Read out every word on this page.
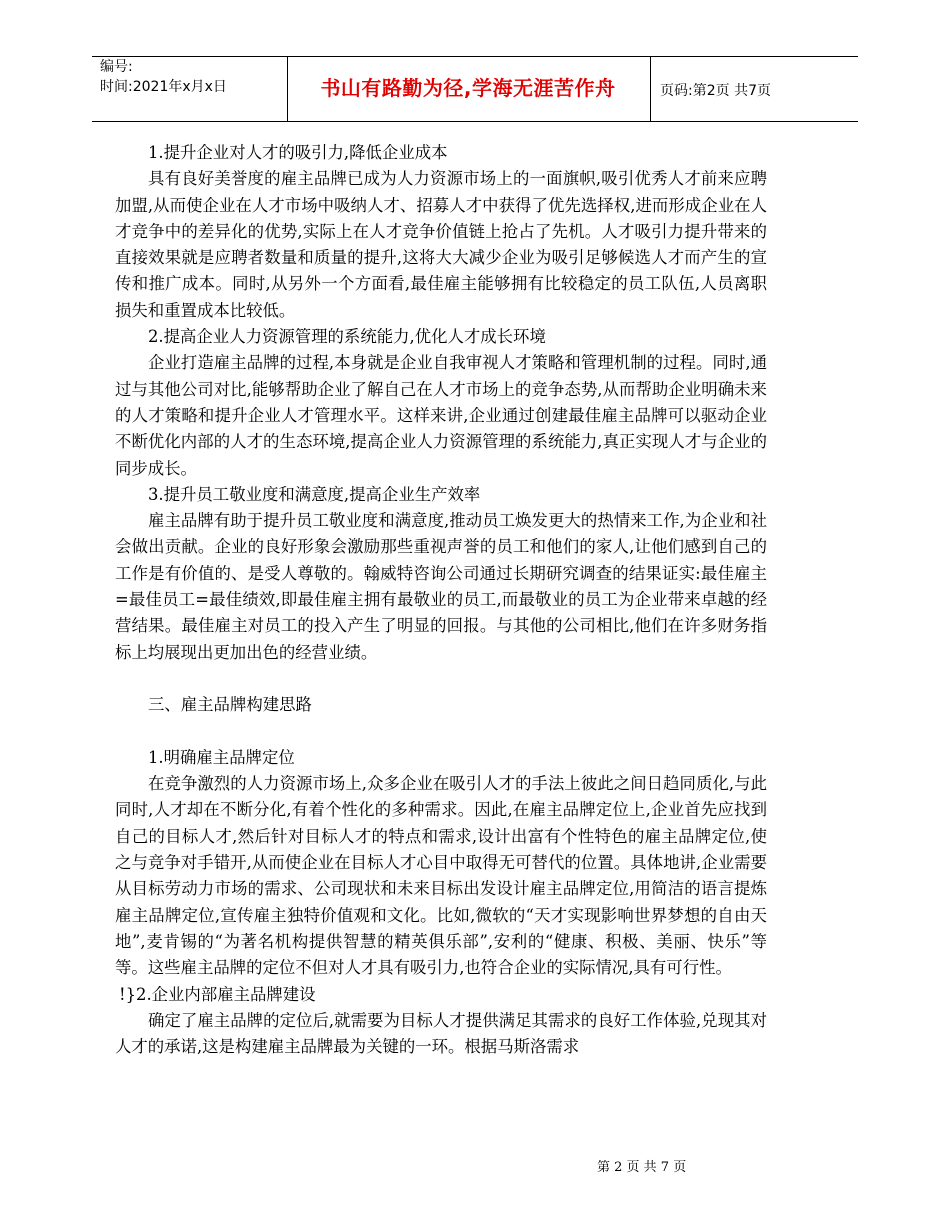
编号:
时间:2021年x月x日	书山有路勤为径,学海无涯苦作舟	页码:第2页 共7页

1.提升企业对人才的吸引力,降低企业成本

具有良好美誉度的雇主品牌已成为人力资源市场上的一面旗帜,吸引优秀人才前来应聘加盟,从而使企业在人才市场中吸纳人才、招募人才中获得了优先选择权,进而形成企业在人才竞争中的差异化的优势,实际上在人才竞争价值链上抢占了先机。人才吸引力提升带来的直接效果就是应聘者数量和质量的提升,这将大大减少企业为吸引足够候选人才而产生的宣传和推广成本。同时,从另外一个方面看,最佳雇主能够拥有比较稳定的员工队伍,人员离职损失和重置成本比较低。

2.提高企业人力资源管理的系统能力,优化人才成长环境

企业打造雇主品牌的过程,本身就是企业自我审视人才策略和管理机制的过程。同时,通过与其他公司对比,能够帮助企业了解自己在人才市场上的竞争态势,从而帮助企业明确未来的人才策略和提升企业人才管理水平。这样来讲,企业通过创建最佳雇主品牌可以驱动企业不断优化内部的人才的生态环境,提高企业人力资源管理的系统能力,真正实现人才与企业的同步成长。

3.提升员工敬业度和满意度,提高企业生产效率

雇主品牌有助于提升员工敬业度和满意度,推动员工焕发更大的热情来工作,为企业和社会做出贡献。企业的良好形象会激励那些重视声誉的员工和他们的家人,让他们感到自己的工作是有价值的、是受人尊敬的。翰威特咨询公司通过长期研究调查的结果证实:最佳雇主=最佳员工=最佳绩效,即最佳雇主拥有最敬业的员工,而最敬业的员工为企业带来卓越的经营结果。最佳雇主对员工的投入产生了明显的回报。与其他的公司相比,他们在许多财务指标上均展现出更加出色的经营业绩。

三、雇主品牌构建思路

1.明确雇主品牌定位

在竞争激烈的人力资源市场上,众多企业在吸引人才的手法上彼此之间日趋同质化,与此同时,人才却在不断分化,有着个性化的多种需求。因此,在雇主品牌定位上,企业首先应找到自己的目标人才,然后针对目标人才的特点和需求,设计出富有个性特色的雇主品牌定位,使之与竞争对手错开,从而使企业在目标人才心目中取得无可替代的位置。具体地讲,企业需要从目标劳动力市场的需求、公司现状和未来目标出发设计雇主品牌定位,用简洁的语言提炼雇主品牌定位,宣传雇主独特价值观和文化。比如,微软的“天才实现影响世界梦想的自由天地”,麦肯锡的“为著名机构提供智慧的精英俱乐部”,安利的“健康、积极、美丽、快乐”等等。这些雇主品牌的定位不但对人才具有吸引力,也符合企业的实际情况,具有可行性。

!}2.企业内部雇主品牌建设

确定了雇主品牌的定位后,就需要为目标人才提供满足其需求的良好工作体验,兑现其对人才的承诺,这是构建雇主品牌最为关键的一环。根据马斯洛需求

第 2 页 共 7 页
